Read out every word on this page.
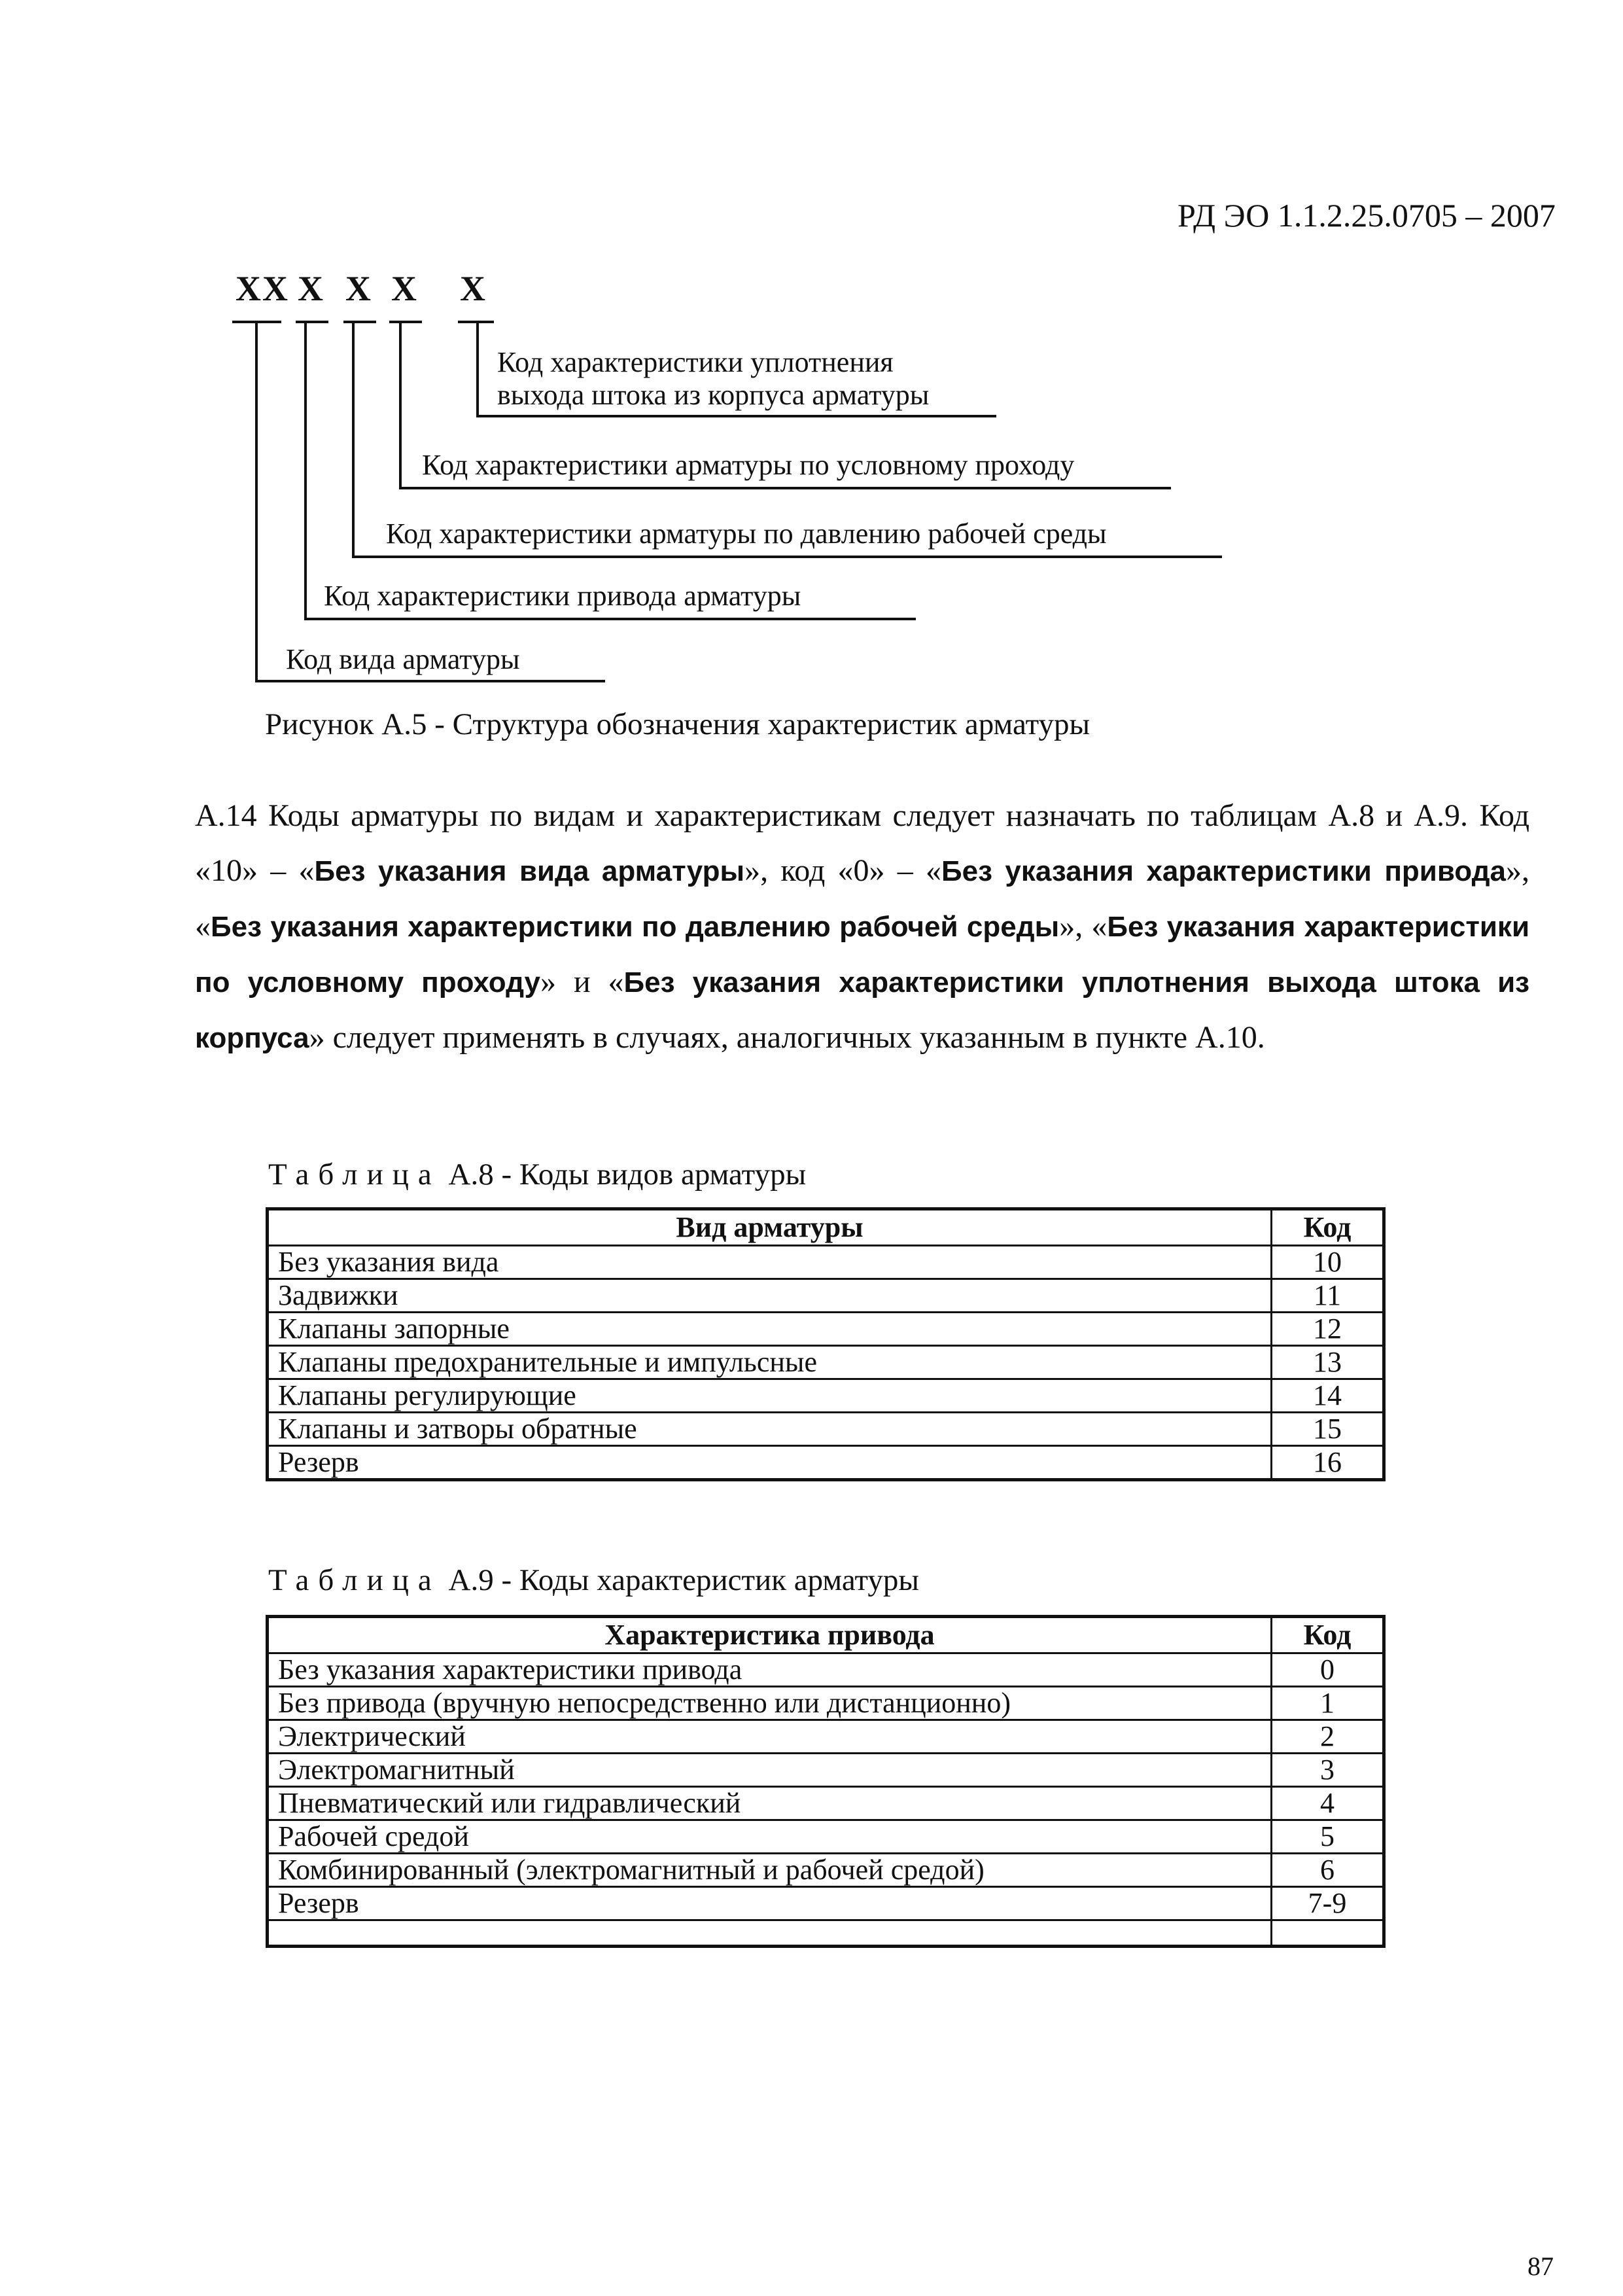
РД ЭО 1.1.2.25.0705 – 2007
XX X X X X
Код характеристики уплотнения
выхода штока из корпуса арматуры
Код характеристики арматуры по условному проходу
Код характеристики арматуры по давлению рабочей среды
Код характеристики привода арматуры
Код вида арматуры
Рисунок А.5 - Структура обозначения характеристик арматуры
А.14 Коды арматуры по видам и характеристикам следует назначать по таблицам А.8 и А.9. Код «10» – «Без указания вида арматуры», код «0» – «Без указания характеристики привода», «Без указания характеристики по давлению рабочей среды», «Без указания характеристики по условному проходу» и «Без указания характеристики уплотнения выхода штока из корпуса» следует применять в случаях, аналогичных указанным в пункте А.10.
Таблица А.8 - Коды видов арматуры
Вид арматуры	Код
Без указания вида	10
Задвижки	11
Клапаны запорные	12
Клапаны предохранительные и импульсные	13
Клапаны регулирующие	14
Клапаны и затворы обратные	15
Резерв	16
Таблица А.9 - Коды характеристик арматуры
Характеристика привода	Код
Без указания характеристики привода	0
Без привода (вручную непосредственно или дистанционно)	1
Электрический	2
Электромагнитный	3
Пневматический или гидравлический	4
Рабочей средой	5
Комбинированный (электромагнитный и рабочей средой)	6
Резерв	7-9

87
